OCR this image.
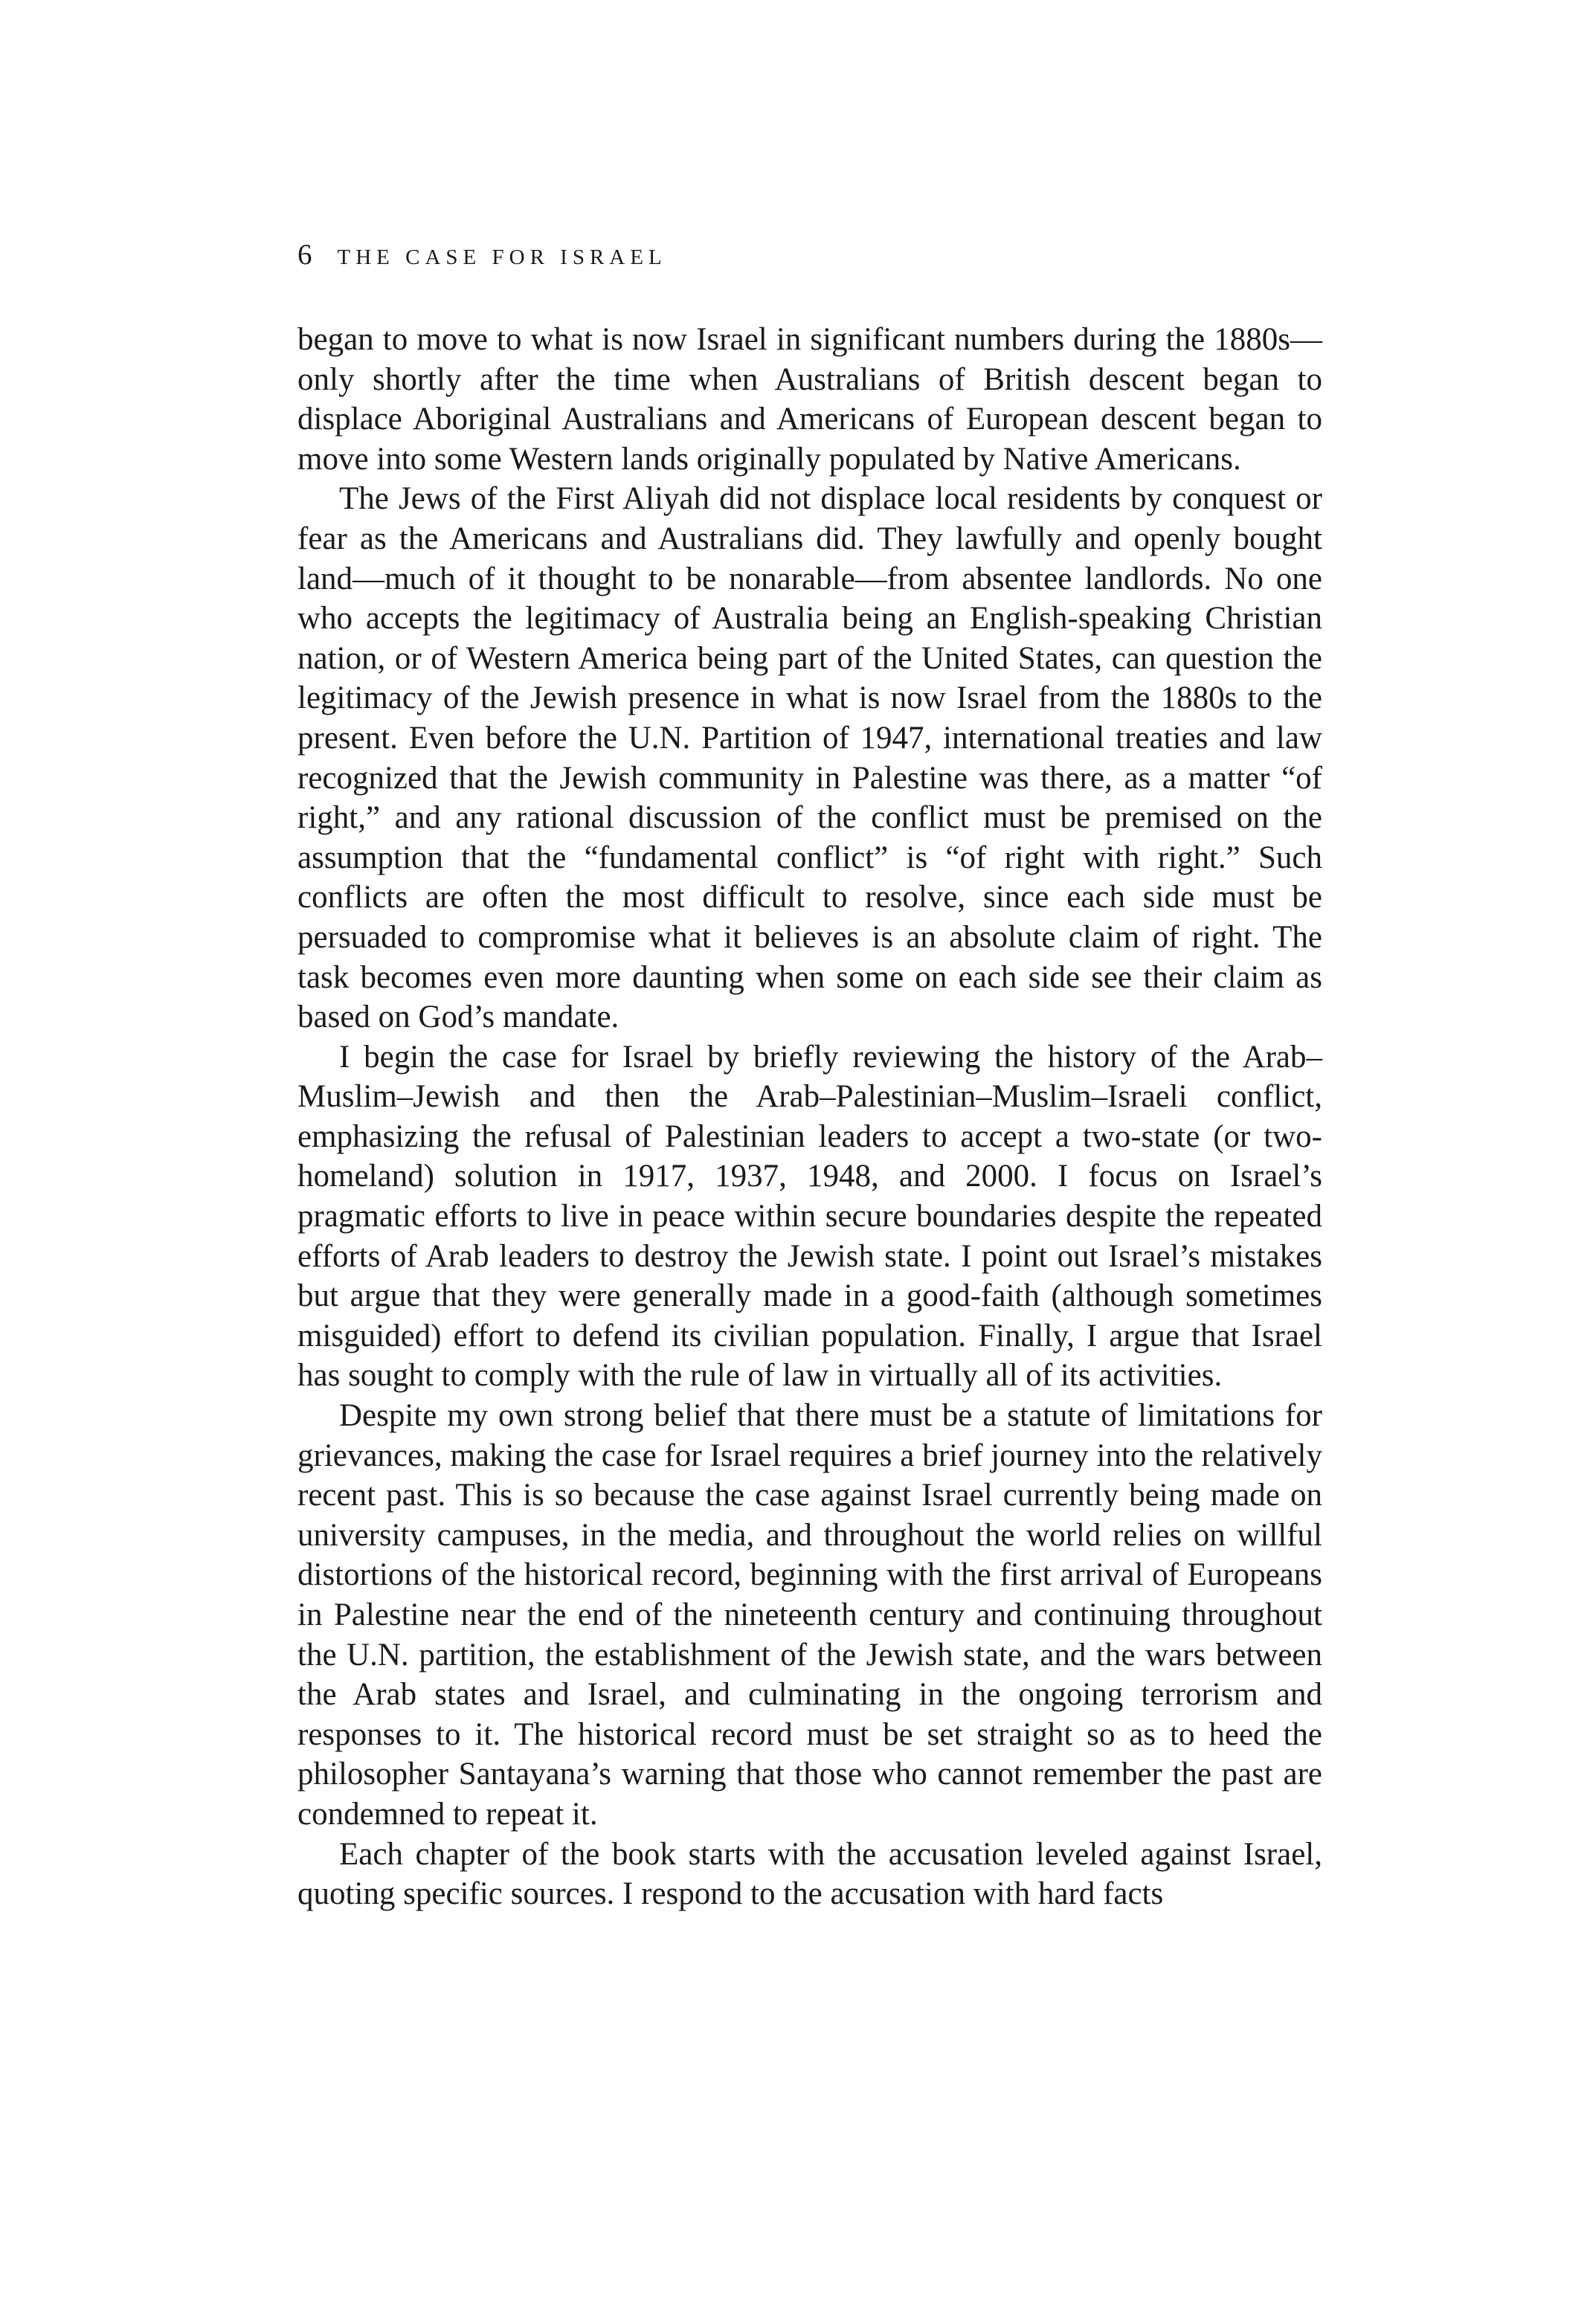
6 THE CASE FOR ISRAEL

began to move to what is now Israel in significant numbers during the 1880s—only shortly after the time when Australians of British descent began to displace Aboriginal Australians and Americans of European descent began to move into some Western lands originally populated by Native Americans.

The Jews of the First Aliyah did not displace local residents by conquest or fear as the Americans and Australians did. They lawfully and openly bought land—much of it thought to be nonarable—from absentee landlords. No one who accepts the legitimacy of Australia being an English-speaking Christian nation, or of Western America being part of the United States, can question the legitimacy of the Jewish presence in what is now Israel from the 1880s to the present. Even before the U.N. Partition of 1947, international treaties and law recognized that the Jewish community in Palestine was there, as a matter “of right,” and any rational discussion of the conflict must be premised on the assumption that the “fundamental conflict” is “of right with right.” Such conflicts are often the most difficult to resolve, since each side must be persuaded to compromise what it believes is an absolute claim of right. The task becomes even more daunting when some on each side see their claim as based on God’s mandate.

I begin the case for Israel by briefly reviewing the history of the Arab–Muslim–Jewish and then the Arab–Palestinian–Muslim–Israeli conflict, emphasizing the refusal of Palestinian leaders to accept a two-state (or two-homeland) solution in 1917, 1937, 1948, and 2000. I focus on Israel’s pragmatic efforts to live in peace within secure boundaries despite the repeated efforts of Arab leaders to destroy the Jewish state. I point out Israel’s mistakes but argue that they were generally made in a good-faith (although sometimes misguided) effort to defend its civilian population. Finally, I argue that Israel has sought to comply with the rule of law in virtually all of its activities.

Despite my own strong belief that there must be a statute of limitations for grievances, making the case for Israel requires a brief journey into the relatively recent past. This is so because the case against Israel currently being made on university campuses, in the media, and throughout the world relies on willful distortions of the historical record, beginning with the first arrival of Europeans in Palestine near the end of the nineteenth century and continuing throughout the U.N. partition, the establishment of the Jewish state, and the wars between the Arab states and Israel, and culminating in the ongoing terrorism and responses to it. The historical record must be set straight so as to heed the philosopher Santayana’s warning that those who cannot remember the past are condemned to repeat it.

Each chapter of the book starts with the accusation leveled against Israel, quoting specific sources. I respond to the accusation with hard facts
